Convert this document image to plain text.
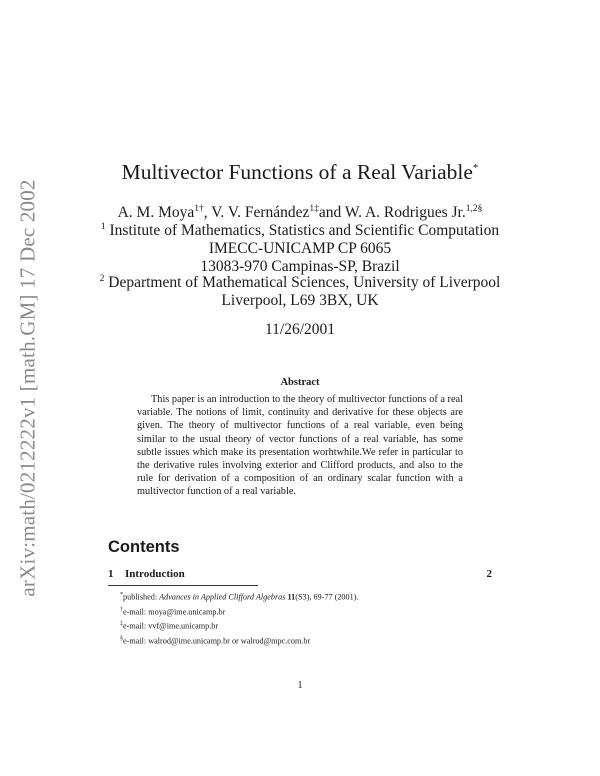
arXiv:math/0212222v1 [math.GM] 17 Dec 2002
Multivector Functions of a Real Variable*
A. M. Moya$^{1\dagger}$, V. V. Fernández$^{1\ddagger}$and W. A. Rodrigues Jr.$^{1,2\S}$
$^1$ Institute of Mathematics, Statistics and Scientific Computation
IMECC-UNICAMP CP 6065
13083-970 Campinas-SP, Brazil
$^2$ Department of Mathematical Sciences, University of Liverpool
Liverpool, L69 3BX, UK
11/26/2001
Abstract

This paper is an introduction to the theory of multivector functions of a real variable. The notions of limit, continuity and derivative for these objects are given. The theory of multivector functions of a real variable, even being similar to the usual theory of vector functions of a real variable, has some subtle issues which make its presentation worhtwhile.We refer in particular to the derivative rules involving exterior and Clifford products, and also to the rule for derivation of a composition of an ordinary scalar function with a multivector function of a real variable.

Contents
1 Introduction	2
*published: Advances in Applied Clifford Algebras 11(S3), 69-77 (2001).
†e-mail: moya@ime.unicamp.br
‡e-mail: vvf@ime.unicamp.br
§e-mail: walrod@ime.unicamp.br or walrod@mpc.com.br
1
